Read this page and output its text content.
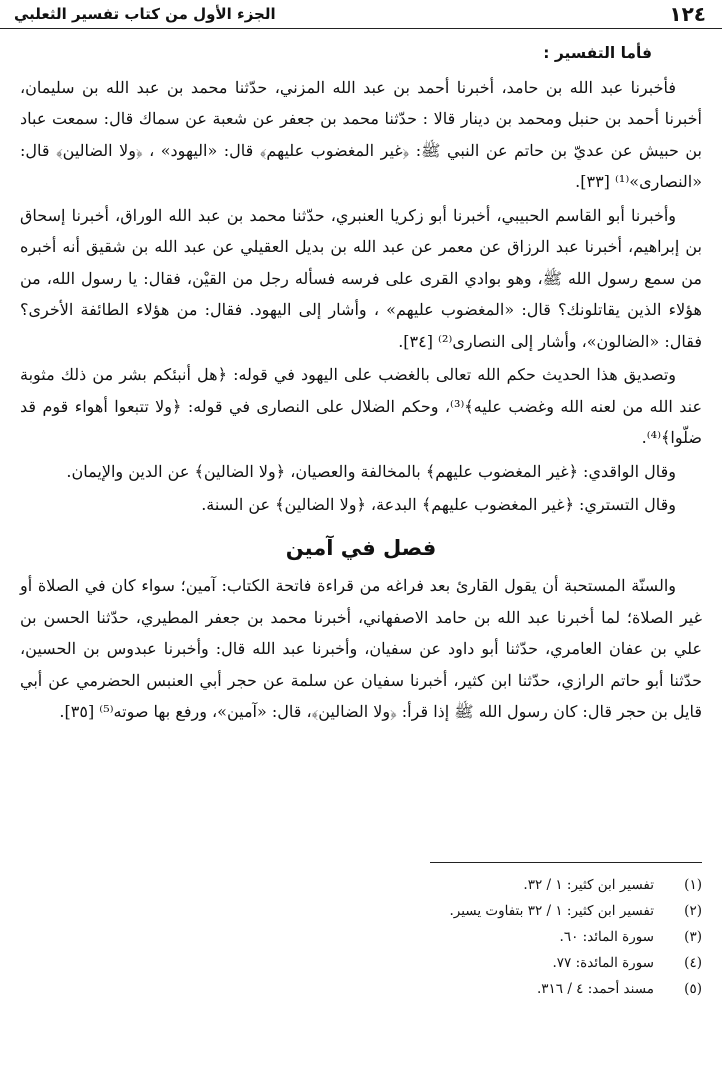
١٢٤
الجزء الأول من كتاب تفسير الثعلبي

فأما التفسير :

فأخبرنا عبد الله بن حامد، أخبرنا أحمد بن عبد الله المزني، حدّثنا محمد بن عبد الله بن سليمان، أخبرنا أحمد بن حنبل ومحمد بن دينار قالا : حدّثنا محمد بن جعفر عن شعبة عن سماك قال: سمعت عباد بن حبيش عن عديّ بن حاتم عن النبي ﷺ: ﴿غير المغضوب عليهم﴾ قال: «اليهود» ، ﴿ولا الضالين﴾ قال: «النصارى»⁽¹⁾ [٣٣].

وأخبرنا أبو القاسم الحبيبي، أخبرنا أبو زكريا العنبري، حدّثنا محمد بن عبد الله الوراق، أخبرنا إسحاق بن إبراهيم، أخبرنا عبد الرزاق عن معمر عن عبد الله بن بديل العقيلي عن عبد الله بن شقيق أنه أخبره من سمع رسول الله ﷺ، وهو بوادي القرى على فرسه فسأله رجل من القيْن، فقال: يا رسول الله، من هؤلاء الذين يقاتلونك؟ قال: «المغضوب عليهم» ، وأشار إلى اليهود. فقال: من هؤلاء الطائفة الأخرى؟ فقال: «الضالون»، وأشار إلى النصارى⁽²⁾ [٣٤].

وتصديق هذا الحديث حكم الله تعالى بالغضب على اليهود في قوله: ﴿هل أنبئكم بشر من ذلك مثوبة عند الله من لعنه الله وغضب عليه﴾⁽³⁾، وحكم الضلال على النصارى في قوله: ﴿ولا تتبعوا أهواء قوم قد ضلّوا﴾⁽⁴⁾.

وقال الواقدي: ﴿غير المغضوب عليهم﴾ بالمخالفة والعصيان، ﴿ولا الضالين﴾ عن الدين والإيمان.

وقال التستري: ﴿غير المغضوب عليهم﴾ البدعة، ﴿ولا الضالين﴾ عن السنة.

فصل في آمين

والسنّة المستحبة أن يقول القارئ بعد فراغه من قراءة فاتحة الكتاب: آمين؛ سواء كان في الصلاة أو غير الصلاة؛ لما أخبرنا عبد الله بن حامد الاصفهاني، أخبرنا محمد بن جعفر المطيري، حدّثنا الحسن بن علي بن عفان العامري، حدّثنا أبو داود عن سفيان، وأخبرنا عبد الله قال: وأخبرنا عبدوس بن الحسين، حدّثنا أبو حاتم الرازي، حدّثنا ابن كثير، أخبرنا سفيان عن سلمة عن حجر أبي العنبس الحضرمي عن أبي قايل بن حجر قال: كان رسول الله ﷺ إذا قرأ: ﴿ولا الضالين﴾، قال: «آمين»، ورفع بها صوته⁽⁵⁾ [٣٥].

(١)
تفسير ابن كثير: ١ / ٣٢.
(٢)
تفسير ابن كثير: ١ / ٣٢ بتفاوت يسير.
(٣)
سورة المائد: ٦٠.
(٤)
سورة المائدة: ٧٧.
(٥)
مسند أحمد: ٤ / ٣١٦.
